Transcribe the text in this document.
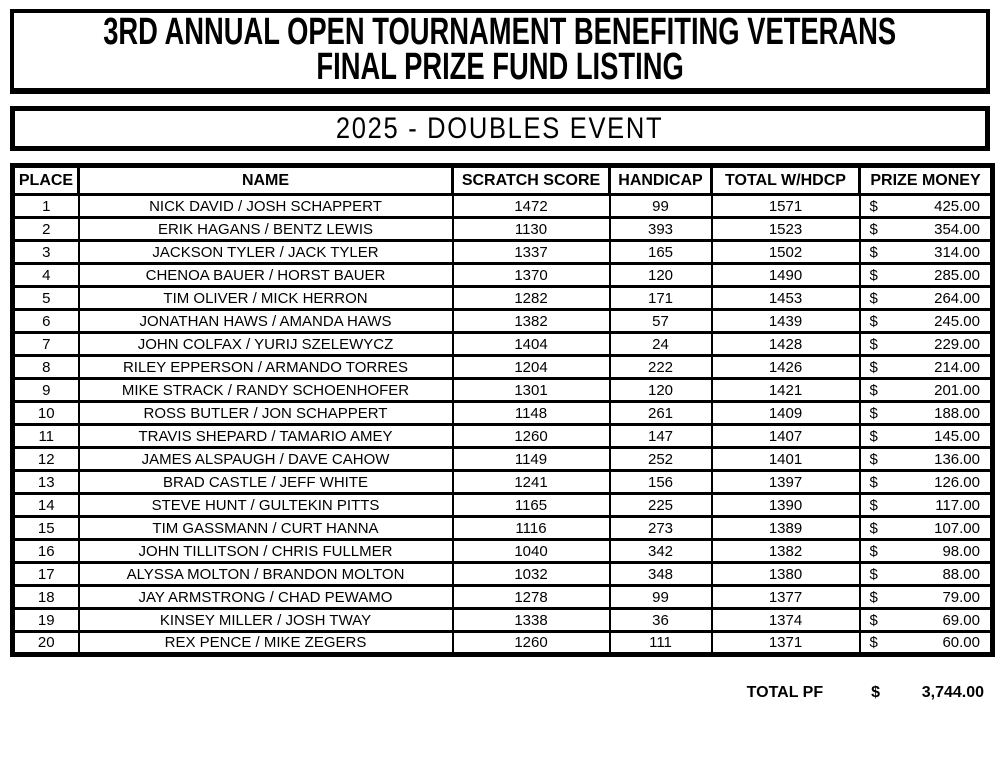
3RD ANNUAL OPEN TOURNAMENT BENEFITING VETERANS
FINAL PRIZE FUND LISTING
2025 - DOUBLES EVENT
PLACE	NAME	SCRATCH SCORE	HANDICAP	TOTAL W/HDCP	PRIZE MONEY
1	NICK DAVID / JOSH SCHAPPERT	1472	99	1571	$ 425.00
2	ERIK HAGANS / BENTZ LEWIS	1130	393	1523	$ 354.00
3	JACKSON TYLER / JACK TYLER	1337	165	1502	$ 314.00
4	CHENOA BAUER / HORST BAUER	1370	120	1490	$ 285.00
5	TIM OLIVER / MICK HERRON	1282	171	1453	$ 264.00
6	JONATHAN HAWS / AMANDA HAWS	1382	57	1439	$ 245.00
7	JOHN COLFAX / YURIJ SZELEWYCZ	1404	24	1428	$ 229.00
8	RILEY EPPERSON / ARMANDO TORRES	1204	222	1426	$ 214.00
9	MIKE STRACK / RANDY SCHOENHOFER	1301	120	1421	$ 201.00
10	ROSS BUTLER / JON SCHAPPERT	1148	261	1409	$ 188.00
11	TRAVIS SHEPARD / TAMARIO AMEY	1260	147	1407	$ 145.00
12	JAMES ALSPAUGH / DAVE CAHOW	1149	252	1401	$ 136.00
13	BRAD CASTLE / JEFF WHITE	1241	156	1397	$ 126.00
14	STEVE HUNT / GULTEKIN PITTS	1165	225	1390	$ 117.00
15	TIM GASSMANN / CURT HANNA	1116	273	1389	$ 107.00
16	JOHN TILLITSON / CHRIS FULLMER	1040	342	1382	$ 98.00
17	ALYSSA MOLTON / BRANDON MOLTON	1032	348	1380	$ 88.00
18	JAY ARMSTRONG / CHAD PEWAMO	1278	99	1377	$ 79.00
19	KINSEY MILLER / JOSH TWAY	1338	36	1374	$ 69.00
20	REX PENCE / MIKE ZEGERS	1260	111	1371	$ 60.00
TOTAL PF	$	3,744.00
